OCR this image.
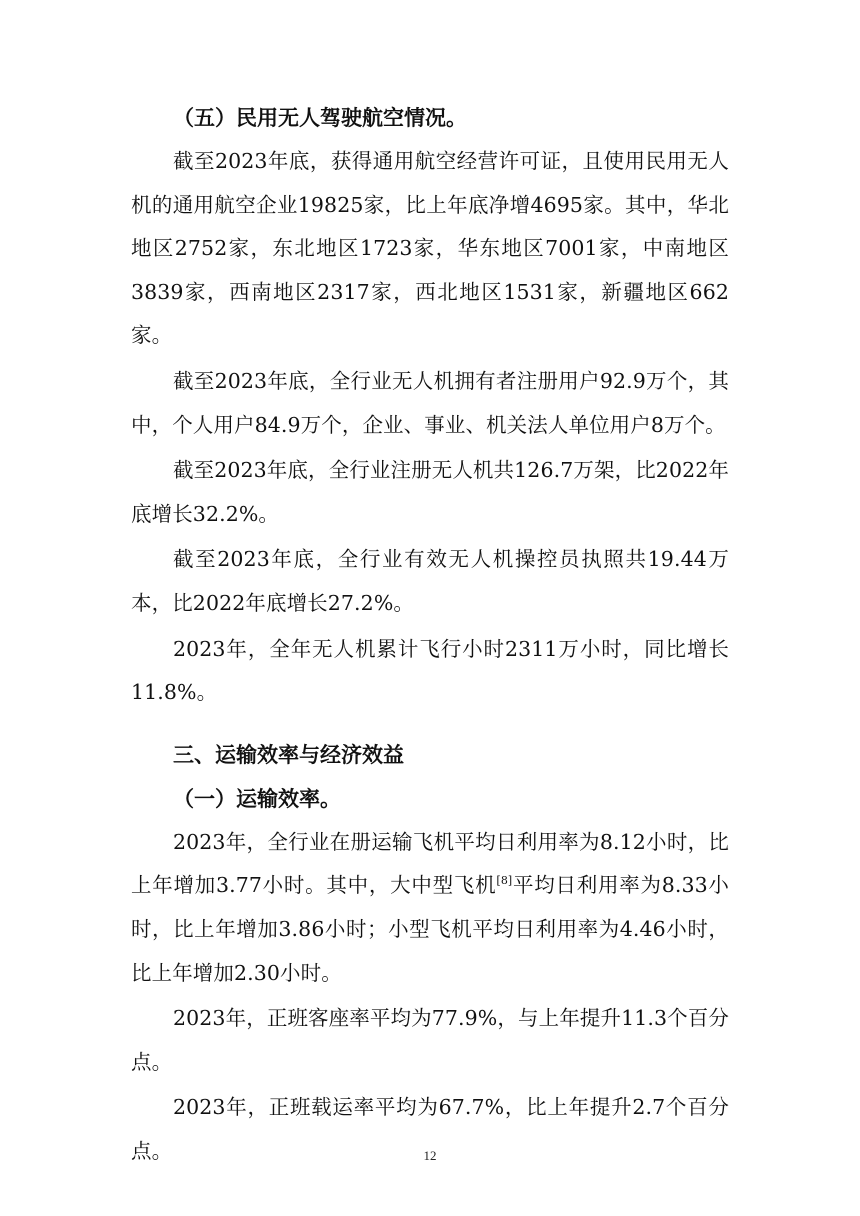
（五）民用无人驾驶航空情况。

截至2023年底，获得通用航空经营许可证，且使用民用无人机的通用航空企业19825家，比上年底净增4695家。其中，华北地区2752家，东北地区1723家，华东地区7001家，中南地区3839家，西南地区2317家，西北地区1531家，新疆地区662家。

截至2023年底，全行业无人机拥有者注册用户92.9万个，其中，个人用户84.9万个，企业、事业、机关法人单位用户8万个。

截至2023年底，全行业注册无人机共126.7万架，比2022年底增长32.2%。

截至2023年底，全行业有效无人机操控员执照共19.44万本，比2022年底增长27.2%。

2023年，全年无人机累计飞行小时2311万小时，同比增长11.8%。

三、运输效率与经济效益
（一）运输效率。

2023年，全行业在册运输飞机平均日利用率为8.12小时，比上年增加3.77小时。其中，大中型飞机[8]平均日利用率为8.33小时，比上年增加3.86小时；小型飞机平均日利用率为4.46小时，比上年增加2.30小时。

2023年，正班客座率平均为77.9%，与上年提升11.3个百分点。

2023年，正班载运率平均为67.7%，比上年提升2.7个百分点。	12
